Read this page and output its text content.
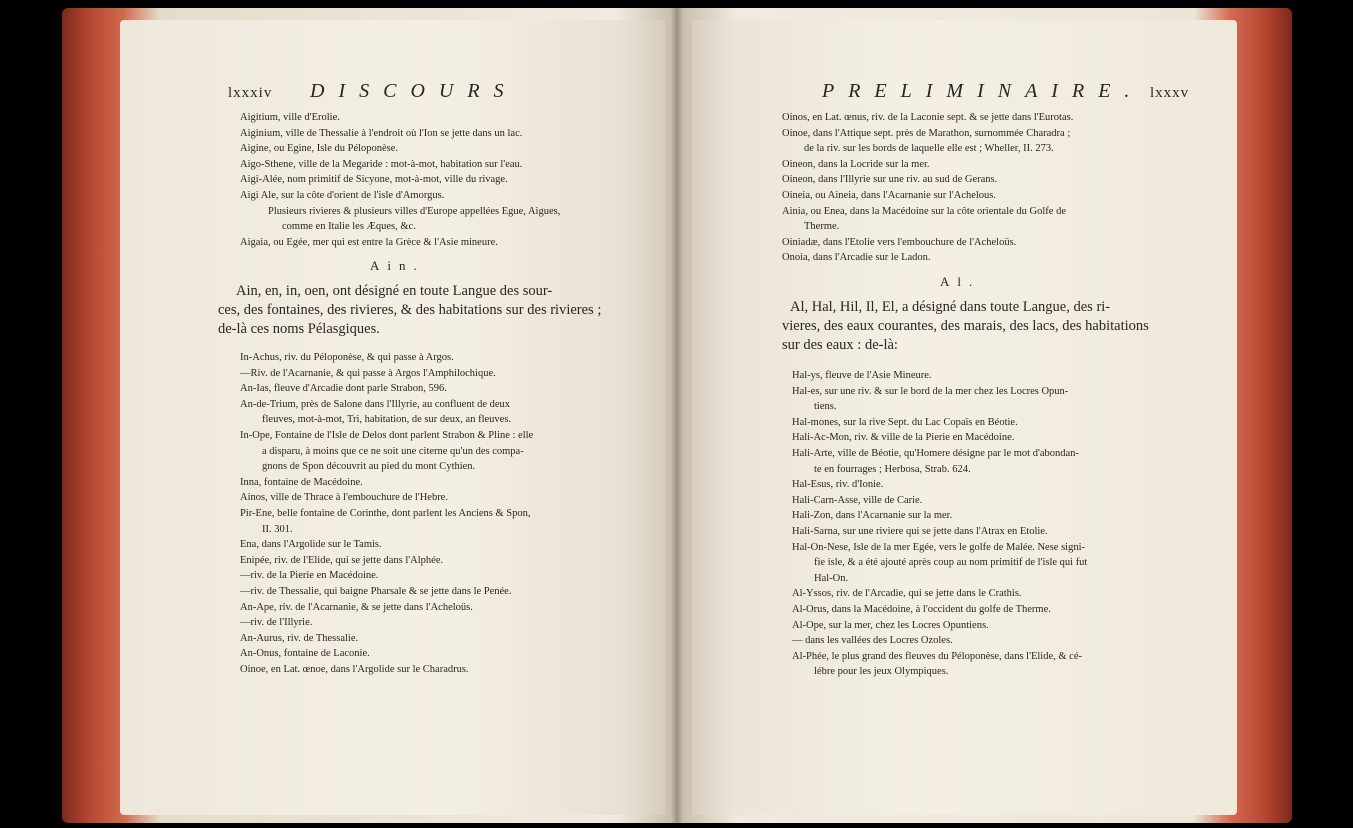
lxxxiv DISCOURS
Aigitium, ville d'Erolie.
Aiginium, ville de Thessalie à l'endroit où l'Ion se jette dans un lac.
Aigine, ou Egine, Isle du Péloponèse.
Aigo-Sthene, ville de la Megaride : mot-à-mot, habitation sur l'eau.
Aigi-Alée, nom primitif de Sicyone, mot-à-mot, ville du rivage.
Aigi Ale, sur la côte d'orient de l'isle d'Amorgus.
Plusieurs rivieres & plusieurs villes d'Europe appellées Egue, Aigues,
comme en Italie les Æques, &c.
Aigaia, ou Egée, mer qui est entre la Grèce & l'Asie mineure.
Ain.
Ain, en, in, oen, ont désigné en toute Langue des sour-
ces, des fontaines, des rivieres, & des habitations sur des rivieres ;
de-là ces noms Pélasgiques.
In-Achus, riv. du Péloponèse, & qui passe à Argos.
—Riv. de l'Acarnanie, & qui passe à Argos l'Amphilochique.
An-Ias, fleuve d'Arcadie dont parle Strabon, 596.
An-de-Trium, près de Salone dans l'Illyrie, au confluent de deux
fleuves, mot-à-mot, Tri, habitation, de sur deux, an fleuves.
In-Ope, Fontaine de l'Isle de Delos dont parlent Strabon & Pline : elle
a disparu, à moins que ce ne soit une citerne qu'un des compa-
gnons de Spon découvrit au pied du mont Cythien.
Inna, fontaine de Macédoine.
Ainos, ville de Thrace à l'embouchure de l'Hebre.
Pir-Ene, belle fontaine de Corinthe, dont parlent les Anciens & Spon,
II. 301.
Ena, dans l'Argolide sur le Tamis.
Enipée, riv. de l'Elide, qui se jette dans l'Alphée.
—riv. de la Pierie en Macédoine.
—riv. de Thessalie, qui baigne Pharsale & se jette dans le Penée.
An-Ape, riv. de l'Acarnanie, & se jette dans l'Acheloüs.
—riv. de l'Illyrie.
An-Aurus, riv. de Thessalie.
An-Onus, fontaine de Laconie.
Oinoe, en Lat. œnoe, dans l'Argolide sur le Charadrus.
PRELIMINAIRE. lxxxv
Oinos, en Lat. œnus, riv. de la Laconie sept. & se jette dans l'Eurotas.
Oinoe, dans l'Attique sept. près de Marathon, surnommée Charadra ;
de la riv. sur les bords de laquelle elle est ; Wheller, II. 273.
Oineon, dans la Locride sur la mer.
Oineon, dans l'Illyrie sur une riv. au sud de Gerans.
Oineia, ou Aineia, dans l'Acarnanie sur l'Achelous.
Ainia, ou Enea, dans la Macédoine sur la côte orientale du Golfe de
Therme.
Oiniadæ, dans l'Etolie vers l'embouchure de l'Acheloüs.
Onoia, dans l'Arcadie sur le Ladon.
Al.
Al, Hal, Hil, Il, El, a désigné dans toute Langue, des ri-
vieres, des eaux courantes, des marais, des lacs, des habitations
sur des eaux : de-là:
Hal-ys, fleuve de l'Asie Mineure.
Hal-es, sur une riv. & sur le bord de la mer chez les Locres Opun-
tiens.
Hal-mones, sur la rive Sept. du Lac Copaïs en Béotie.
Hali-Ac-Mon, riv. & ville de la Pierie en Macédoine.
Hali-Arte, ville de Béotie, qu'Homere désigne par le mot d'abondan-
te en fourrages ; Herbosa, Strab. 624.
Hal-Esus, riv. d'Ionie.
Hali-Carn-Asse, ville de Carie.
Hali-Zon, dans l'Acarnanie sur la mer.
Hali-Sarna, sur une riviere qui se jette dans l'Atrax en Etolie.
Hal-On-Nese, Isle de la mer Egée, vers le golfe de Malée. Nese signi-
fie isle, & a été ajouté après coup au nom primitif de l'isle qui fut
Hal-On.
Al-Yssos, riv. de l'Arcadie, qui se jette dans le Crathis.
Al-Orus, dans la Macédoine, à l'occident du golfe de Therme.
Al-Ope, sur la mer, chez les Locres Opuntiens.
— dans les vallées des Locres Ozoles.
Al-Phée, le plus grand des fleuves du Péloponèse, dans l'Elide, & cé-
lébre pour les jeux Olympiques.
